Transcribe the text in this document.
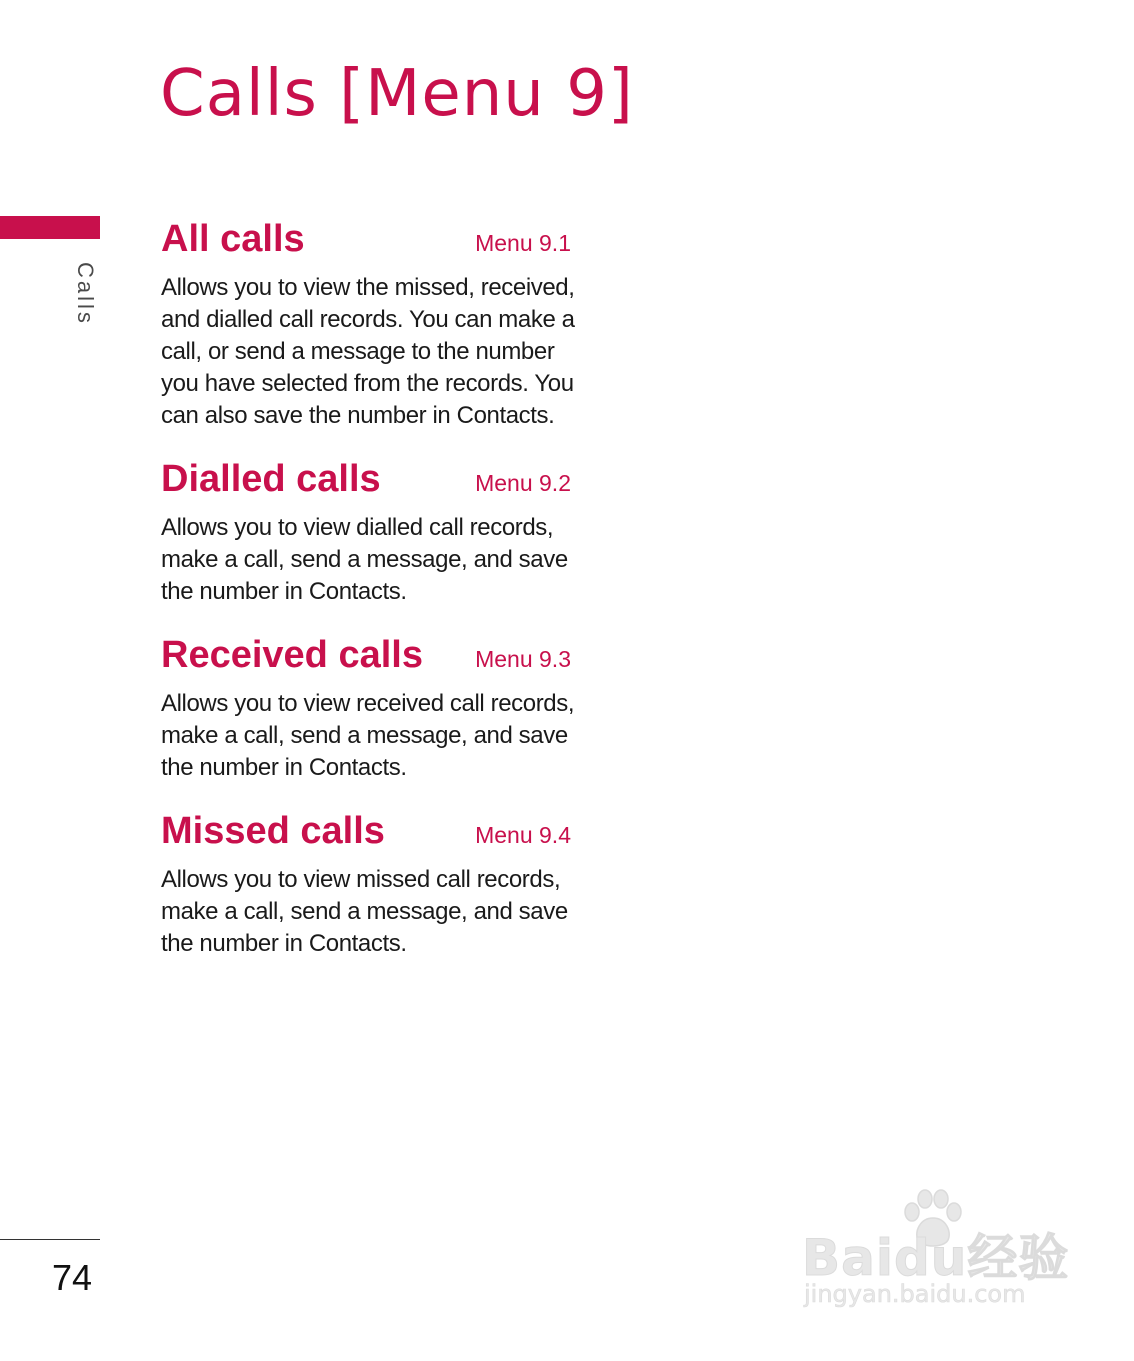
Calls [Menu 9]
Calls
All calls	Menu 9.1

Allows you to view the missed, received, and dialled call records. You can make a call, or send a message to the number you have selected from the records. You can also save the number in Contacts.

Dialled calls	Menu 9.2

Allows you to view dialled call records, make a call, send a message, and save the number in Contacts.

Received calls Menu 9.3

Allows you to view received call records, make a call, send a message, and save the number in Contacts.

Missed calls	Menu 9.4

Allows you to view missed call records, make a call, send a message, and save the number in Contacts.

74	Baidu经验
jingyan.baidu.com
